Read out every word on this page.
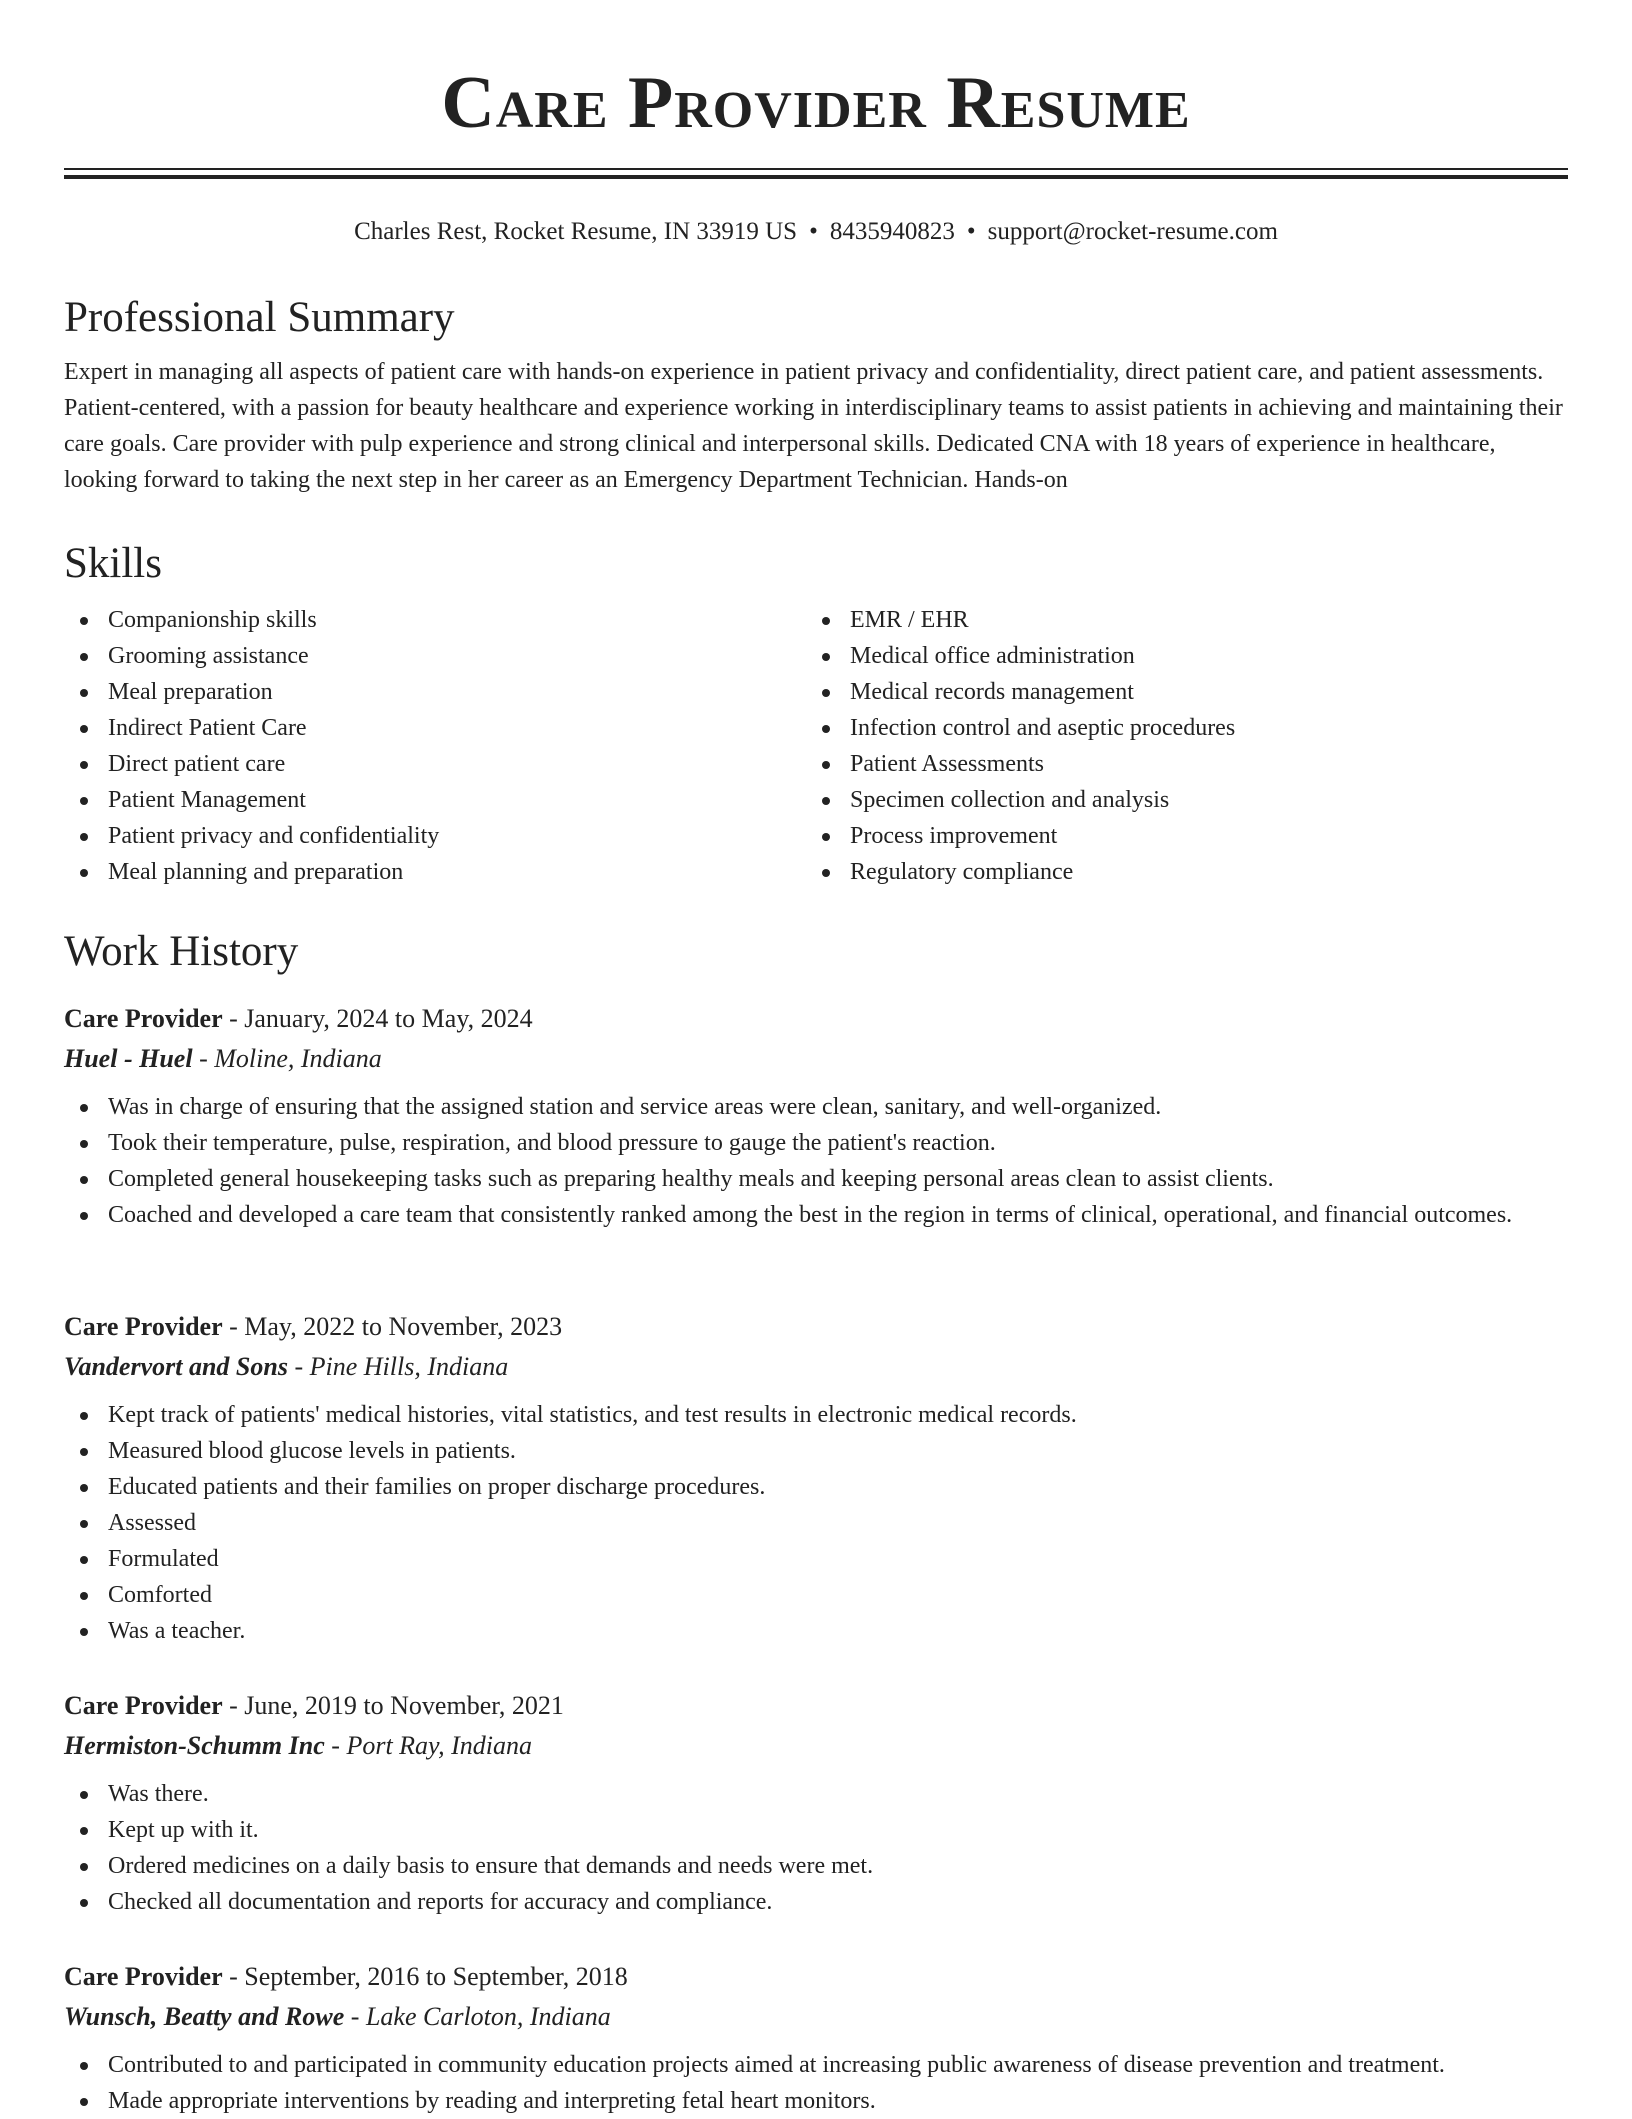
Care Provider Resume
Charles Rest, Rocket Resume, IN 33919 US • 8435940823 • support@rocket-resume.com
Professional Summary

Expert in managing all aspects of patient care with hands-on experience in patient privacy and confidentiality, direct patient care, and patient assessments. Patient-centered, with a passion for beauty healthcare and experience working in interdisciplinary teams to assist patients in achieving and maintaining their care goals. Care provider with pulp experience and strong clinical and interpersonal skills. Dedicated CNA with 18 years of experience in healthcare, looking forward to taking the next step in her career as an Emergency Department Technician. Hands-on

Skills
Companionship skills
Grooming assistance
Meal preparation
Indirect Patient Care
Direct patient care
Patient Management
Patient privacy and confidentiality
Meal planning and preparation
EMR / EHR
Medical office administration
Medical records management
Infection control and aseptic procedures
Patient Assessments
Specimen collection and analysis
Process improvement
Regulatory compliance
Work History
Care Provider - January, 2024 to May, 2024
Huel - Huel - Moline, Indiana
Was in charge of ensuring that the assigned station and service areas were clean, sanitary, and well-organized.
Took their temperature, pulse, respiration, and blood pressure to gauge the patient's reaction.
Completed general housekeeping tasks such as preparing healthy meals and keeping personal areas clean to assist clients.
Coached and developed a care team that consistently ranked among the best in the region in terms of clinical, operational, and financial outcomes.
Care Provider - May, 2022 to November, 2023
Vandervort and Sons - Pine Hills, Indiana
Kept track of patients' medical histories, vital statistics, and test results in electronic medical records.
Measured blood glucose levels in patients.
Educated patients and their families on proper discharge procedures.
Assessed
Formulated
Comforted
Was a teacher.
Care Provider - June, 2019 to November, 2021
Hermiston-Schumm Inc - Port Ray, Indiana
Was there.
Kept up with it.
Ordered medicines on a daily basis to ensure that demands and needs were met.
Checked all documentation and reports for accuracy and compliance.
Care Provider - September, 2016 to September, 2018
Wunsch, Beatty and Rowe - Lake Carloton, Indiana
Contributed to and participated in community education projects aimed at increasing public awareness of disease prevention and treatment.
Made appropriate interventions by reading and interpreting fetal heart monitors.
